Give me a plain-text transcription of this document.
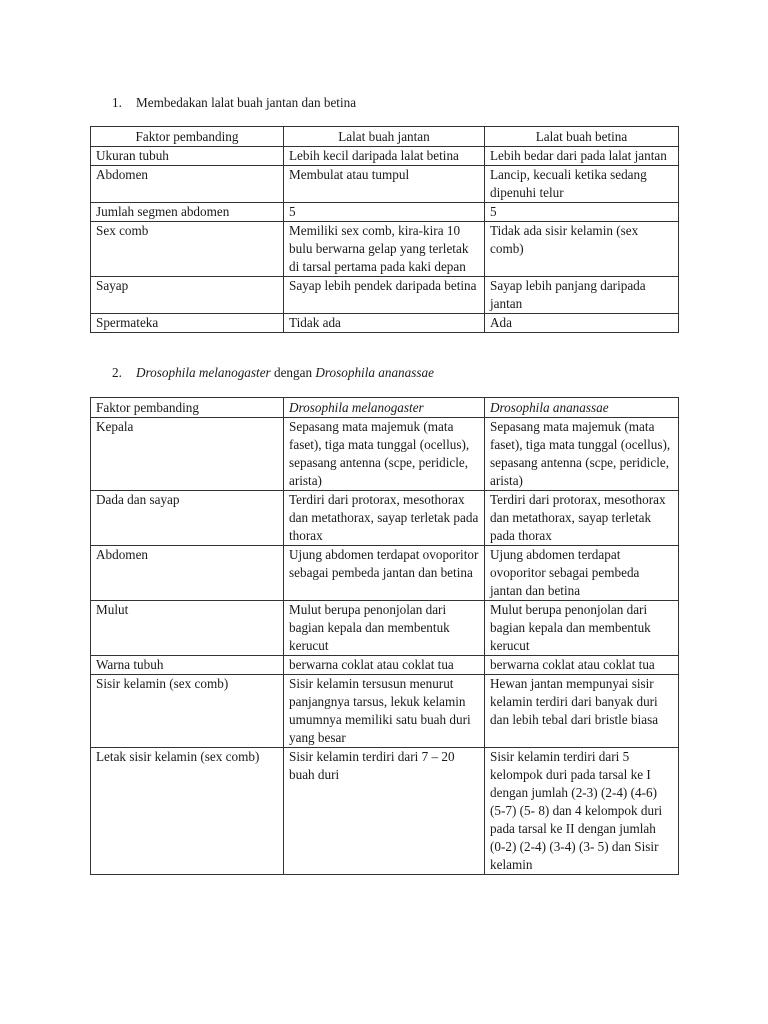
1. Membedakan lalat buah jantan dan betina
Faktor pembanding	Lalat buah jantan	Lalat buah betina
Ukuran tubuh	Lebih kecil daripada lalat betina	Lebih bedar dari pada lalat jantan
Abdomen	Membulat atau tumpul	Lancip, kecuali ketika sedang dipenuhi telur
Jumlah segmen abdomen	5	5
Sex comb	Memiliki sex comb, kira-kira 10 bulu berwarna gelap yang terletak di tarsal pertama pada kaki depan	Tidak ada sisir kelamin (sex comb)
Sayap	Sayap lebih pendek daripada betina	Sayap lebih panjang daripada jantan
Spermateka	Tidak ada	Ada
2. Drosophila melanogaster dengan Drosophila ananassae
Faktor pembanding	Drosophila melanogaster	Drosophila ananassae
Kepala	Sepasang mata majemuk (mata faset), tiga mata tunggal (ocellus), sepasang antenna (scpe, peridicle, arista)	Sepasang mata majemuk (mata faset), tiga mata tunggal (ocellus), sepasang antenna (scpe, peridicle, arista)
Dada dan sayap	Terdiri dari protorax, mesothorax dan metathorax, sayap terletak pada thorax	Terdiri dari protorax, mesothorax dan metathorax, sayap terletak pada thorax
Abdomen	Ujung abdomen terdapat ovoporitor sebagai pembeda jantan dan betina	Ujung abdomen terdapat ovoporitor sebagai pembeda jantan dan betina
Mulut	Mulut berupa penonjolan dari bagian kepala dan membentuk kerucut	Mulut berupa penonjolan dari bagian kepala dan membentuk kerucut
Warna tubuh	berwarna coklat atau coklat tua	berwarna coklat atau coklat tua
Sisir kelamin (sex comb)	Sisir kelamin tersusun menurut panjangnya tarsus, lekuk kelamin umumnya memiliki satu buah duri yang besar	Hewan jantan mempunyai sisir kelamin terdiri dari banyak duri dan lebih tebal dari bristle biasa
Letak sisir kelamin (sex comb)	Sisir kelamin terdiri dari 7 – 20 buah duri	Sisir kelamin terdiri dari 5 kelompok duri pada tarsal ke I dengan jumlah (2-3) (2-4) (4-6) (5-7) (5- 8) dan 4 kelompok duri pada tarsal ke II dengan jumlah (0-2) (2-4) (3-4) (3- 5) dan Sisir kelamin
